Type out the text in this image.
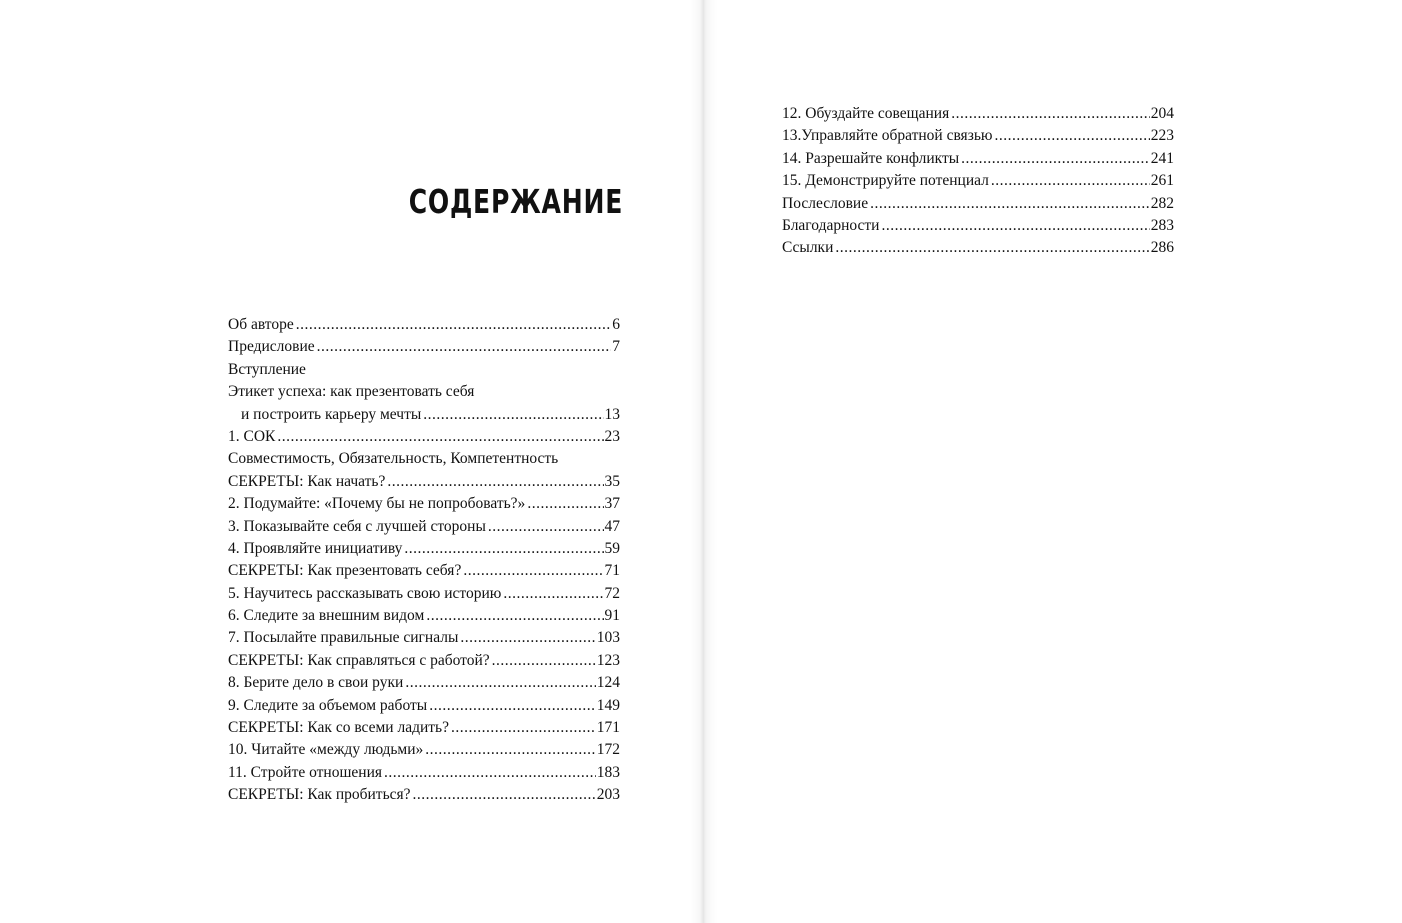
СОДЕРЖАНИЕ
Об авторе .....	6
Предисловие .....	7
Вступление
Этикет успеха: как презентовать себя
и построить карьеру мечты .....	13
1. СОК .....	23
Совместимость, Обязательность, Компетентность
СЕКРЕТЫ: Как начать? .....	35
2. Подумайте: «Почему бы не попробовать?» .....	37
3. Показывайте себя с лучшей стороны .....	47
4. Проявляйте инициативу .....	59
СЕКРЕТЫ: Как презентовать себя? .....	71
5. Научитесь рассказывать свою историю .....	72
6. Следите за внешним видом .....	91
7. Посылайте правильные сигналы .....	103
СЕКРЕТЫ: Как справляться с работой? .....	123
8. Берите дело в свои руки .....	124
9. Следите за объемом работы .....	149
СЕКРЕТЫ: Как со всеми ладить? .....	171
10. Читайте «между людьми» .....	172
11. Стройте отношения .....	183
СЕКРЕТЫ: Как пробиться? .....	203
12. Обуздайте совещания .....	204
13.Управляйте обратной связью .....	223
14. Разрешайте конфликты .....	241
15. Демонстрируйте потенциал .....	261
Послесловие .....	282
Благодарности .....	283
Ссылки .....	286
